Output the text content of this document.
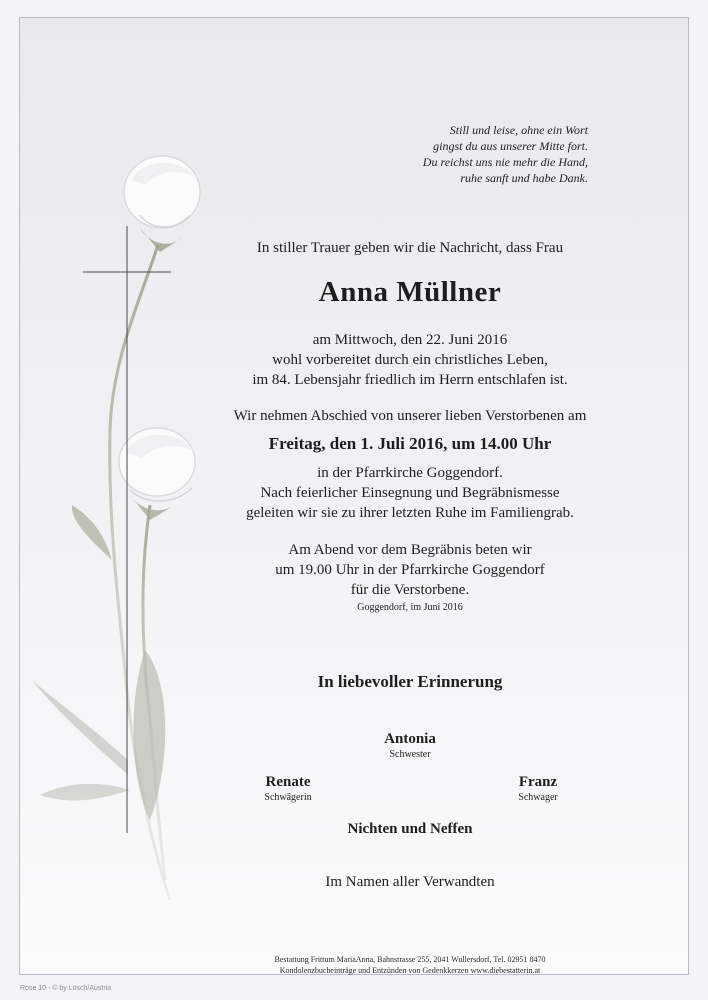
Still und leise, ohne ein Wort
gingst du aus unserer Mitte fort.
Du reichst uns nie mehr die Hand,
ruhe sanft und habe Dank.
In stiller Trauer geben wir die Nachricht, dass Frau
Anna Müllner
am Mittwoch, den 22. Juni 2016
wohl vorbereitet durch ein christliches Leben,
im 84. Lebensjahr friedlich im Herrn entschlafen ist.
Wir nehmen Abschied von unserer lieben Verstorbenen am
Freitag, den 1. Juli 2016, um 14.00 Uhr
in der Pfarrkirche Goggendorf.
Nach feierlicher Einsegnung und Begräbnismesse
geleiten wir sie zu ihrer letzten Ruhe im Familiengrab.
Am Abend vor dem Begräbnis beten wir
um 19.00 Uhr in der Pfarrkirche Goggendorf
für die Verstorbene.
Goggendorf, im Juni 2016
In liebevoller Erinnerung
Antonia
Schwester
Renate
Schwägerin
Franz
Schwager
Nichten und Neffen
Im Namen aller Verwandten
Bestattung Frittum MariaAnna, Bahnstrasse 255, 2041 Wullersdorf, Tel. 02951 8470
Kondolenzbucheinträge und Entzünden von Gedenkkerzen www.diebestatterin.at
Rose 10 - © by Lösch/Austria
